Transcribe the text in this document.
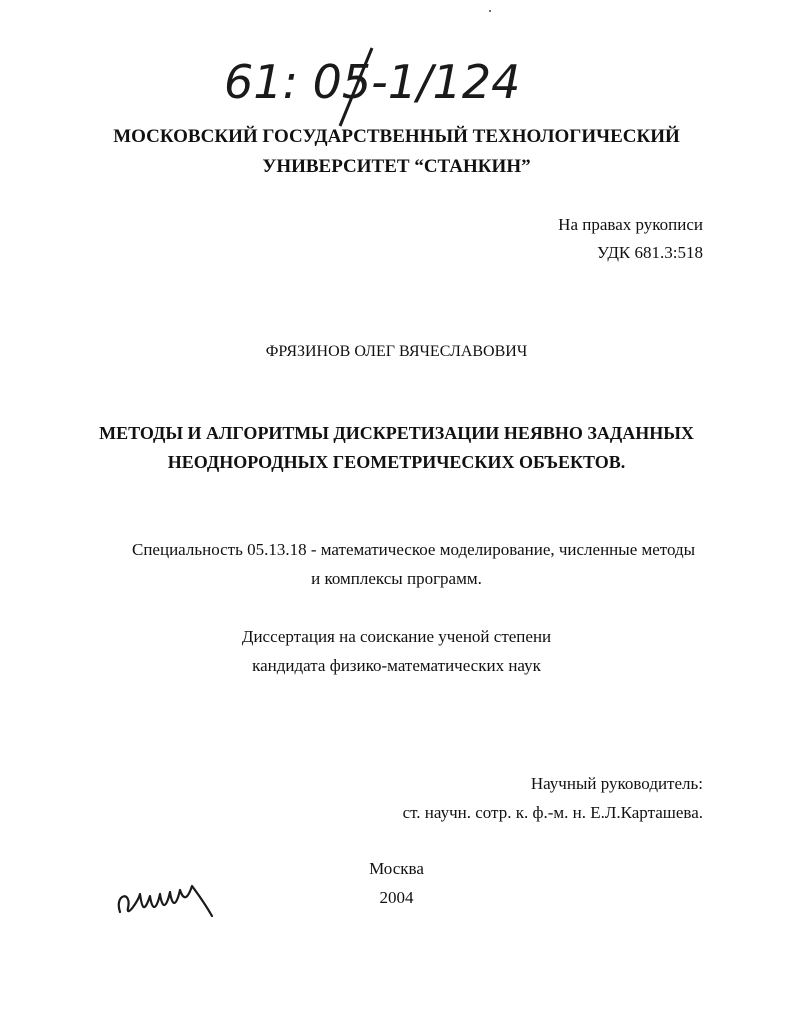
61: 05-1/124
МОСКОВСКИЙ ГОСУДАРСТВЕННЫЙ ТЕХНОЛОГИЧЕСКИЙ
УНИВЕРСИТЕТ “СТАНКИН”
На правах рукописи
УДК 681.3:518
ФРЯЗИНОВ ОЛЕГ ВЯЧЕСЛАВОВИЧ
МЕТОДЫ И АЛГОРИТМЫ ДИСКРЕТИЗАЦИИ НЕЯВНО ЗАДАННЫХ
НЕОДНОРОДНЫХ ГЕОМЕТРИЧЕСКИХ ОБЪЕКТОВ.
Специальность 05.13.18 - математическое моделирование, численные методы
и комплексы программ.
Диссертация на соискание ученой степени
кандидата физико-математических наук
Научный руководитель:
ст. научн. сотр. к. ф.-м. н. Е.Л.Карташева.
Москва
2004
